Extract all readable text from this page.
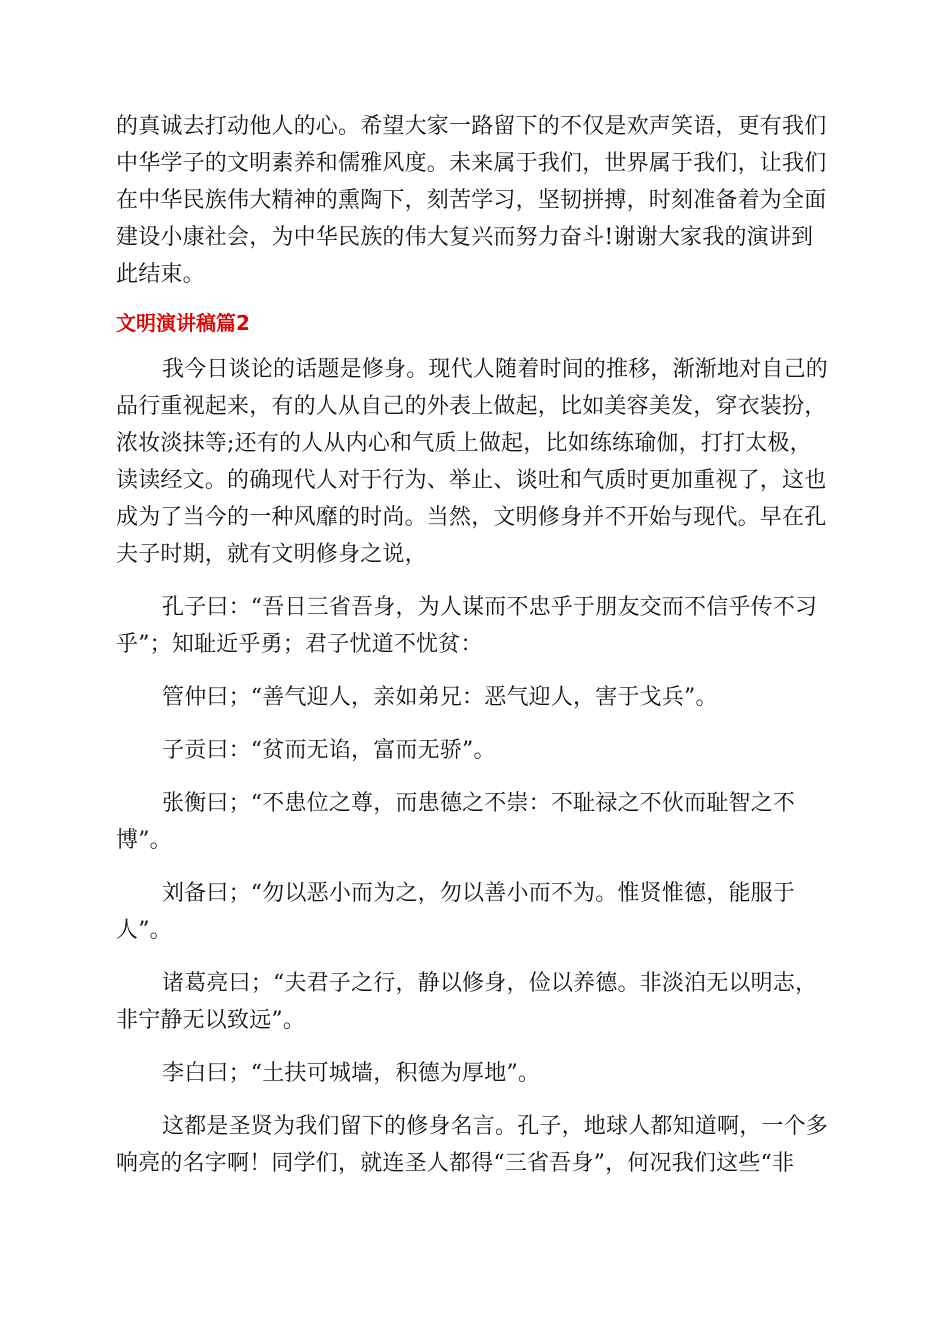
的真诚去打动他人的心。希望大家一路留下的不仅是欢声笑语，更有我们
中华学子的文明素养和儒雅风度。未来属于我们，世界属于我们，让我们
在中华民族伟大精神的熏陶下，刻苦学习，坚韧拼搏，时刻准备着为全面
建设小康社会，为中华民族的伟大复兴而努力奋斗!谢谢大家我的演讲到
此结束。
文明演讲稿篇2
我今日谈论的话题是修身。现代人随着时间的推移，渐渐地对自己的
品行重视起来，有的人从自己的外表上做起，比如美容美发，穿衣装扮，
浓妆淡抹等;还有的人从内心和气质上做起，比如练练瑜伽，打打太极，
读读经文。的确现代人对于行为、举止、谈吐和气质时更加重视了，这也
成为了当今的一种风靡的时尚。当然，文明修身并不开始与现代。早在孔
夫子时期，就有文明修身之说，
孔子曰：“吾日三省吾身，为人谋而不忠乎于朋友交而不信乎传不习
乎”；知耻近乎勇；君子忧道不忧贫：
管仲曰；“善气迎人，亲如弟兄：恶气迎人，害于戈兵”。
子贡曰：“贫而无谄，富而无骄”。
张衡曰；“不患位之尊，而患德之不崇：不耻禄之不伙而耻智之不
博”。
刘备曰；“勿以恶小而为之，勿以善小而不为。惟贤惟德，能服于
人”。
诸葛亮曰；“夫君子之行，静以修身，俭以养德。非淡泊无以明志，
非宁静无以致远”。
李白曰；“土扶可城墙，积德为厚地”。
这都是圣贤为我们留下的修身名言。孔子，地球人都知道啊，一个多
响亮的名字啊！同学们，就连圣人都得“三省吾身”，何况我们这些“非
